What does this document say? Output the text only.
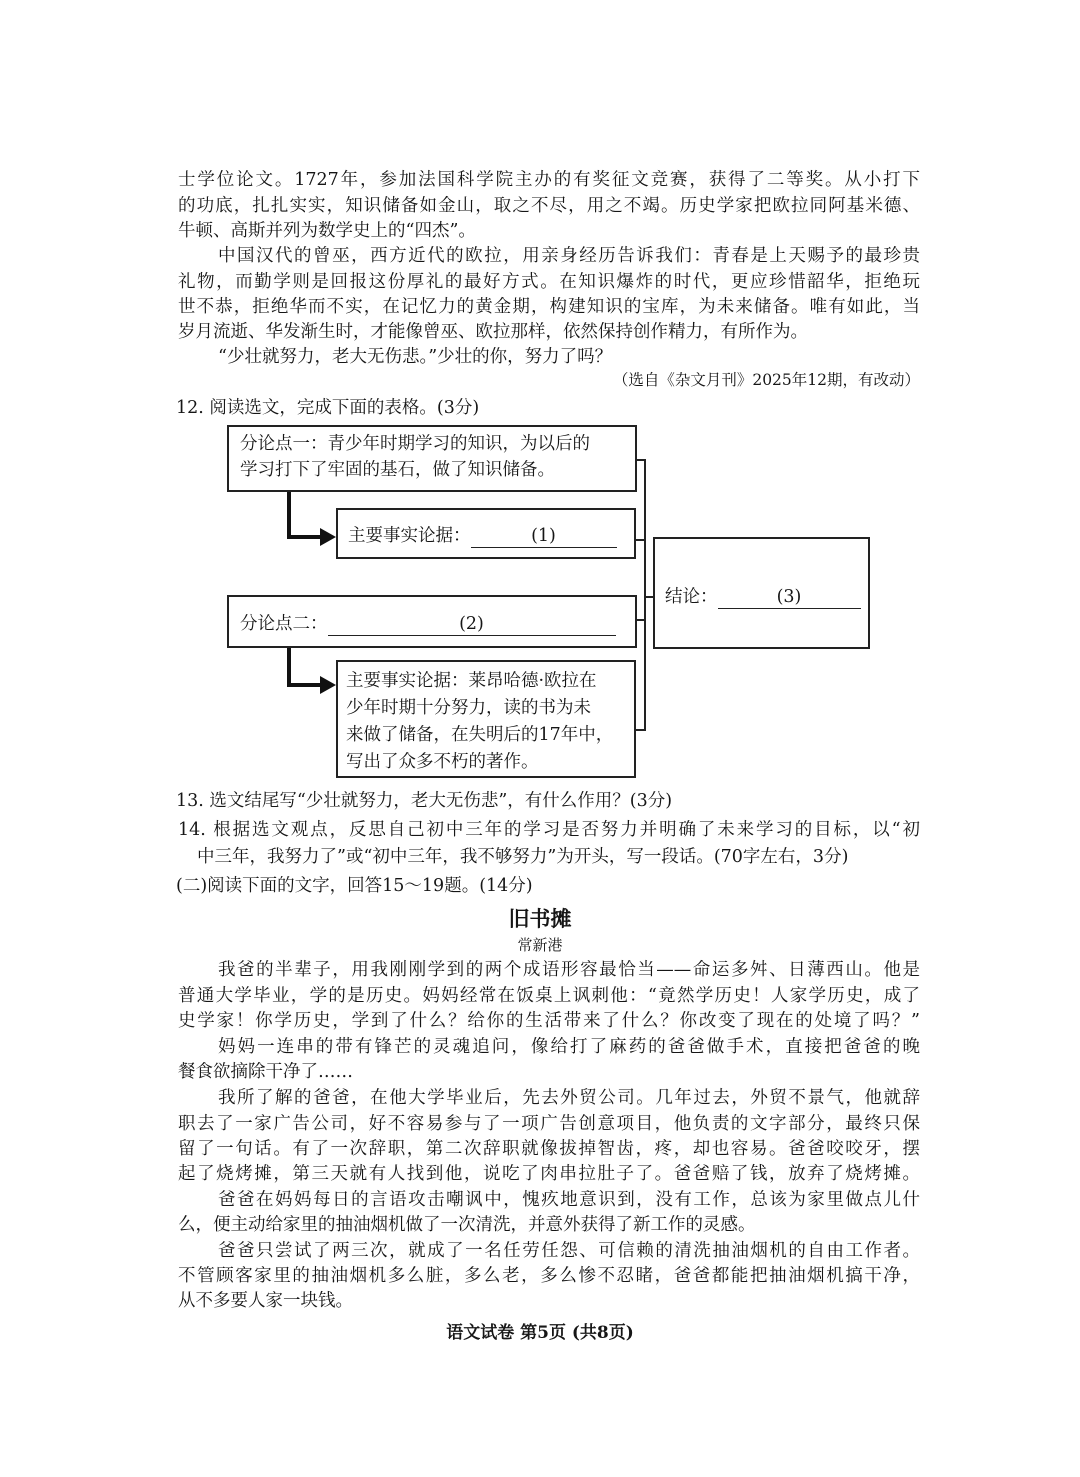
士学位论文。1727年，参加法国科学院主办的有奖征文竞赛，获得了二等奖。从小打下
的功底，扎扎实实，知识储备如金山，取之不尽，用之不竭。历史学家把欧拉同阿基米德、
牛顿、高斯并列为数学史上的“四杰”。
中国汉代的曾巫，西方近代的欧拉，用亲身经历告诉我们：青春是上天赐予的最珍贵
礼物，而勤学则是回报这份厚礼的最好方式。在知识爆炸的时代，更应珍惜韶华，拒绝玩
世不恭，拒绝华而不实，在记忆力的黄金期，构建知识的宝库，为未来储备。唯有如此，当
岁月流逝、华发渐生时，才能像曾巫、欧拉那样，依然保持创作精力，有所作为。
“少壮就努力，老大无伤悲。”少壮的你，努力了吗？
（选自《杂文月刊》2025年12期，有改动）
12. 阅读选文，完成下面的表格。(3分)
分论点一：青少年时期学习的知识，为以后的
学习打下了牢固的基石，做了知识储备。
主要事实论据：	(1)
分论点二：	(2)
主要事实论据：莱昂哈德·欧拉在
少年时期十分努力，读的书为未
来做了储备，在失明后的17年中，
写出了众多不朽的著作。
结论：	(3)
13. 选文结尾写“少壮就努力，老大无伤悲”，有什么作用？(3分)
14. 根据选文观点，反思自己初中三年的学习是否努力并明确了未来学习的目标，以“初
中三年，我努力了”或“初中三年，我不够努力”为开头，写一段话。(70字左右，3分)
(二)阅读下面的文字，回答15～19题。(14分)
旧书摊
常新港
我爸的半辈子，用我刚刚学到的两个成语形容最恰当——命运多舛、日薄西山。他是
普通大学毕业，学的是历史。妈妈经常在饭桌上讽刺他：“竟然学历史！人家学历史，成了
史学家！你学历史，学到了什么？给你的生活带来了什么？你改变了现在的处境了吗？”
妈妈一连串的带有锋芒的灵魂追问，像给打了麻药的爸爸做手术，直接把爸爸的晚
餐食欲摘除干净了……
我所了解的爸爸，在他大学毕业后，先去外贸公司。几年过去，外贸不景气，他就辞
职去了一家广告公司，好不容易参与了一项广告创意项目，他负责的文字部分，最终只保
留了一句话。有了一次辞职，第二次辞职就像拔掉智齿，疼，却也容易。爸爸咬咬牙，摆
起了烧烤摊，第三天就有人找到他，说吃了肉串拉肚子了。爸爸赔了钱，放弃了烧烤摊。
爸爸在妈妈每日的言语攻击嘲讽中，愧疚地意识到，没有工作，总该为家里做点儿什
么，便主动给家里的抽油烟机做了一次清洗，并意外获得了新工作的灵感。
爸爸只尝试了两三次，就成了一名任劳任怨、可信赖的清洗抽油烟机的自由工作者。
不管顾客家里的抽油烟机多么脏，多么老，多么惨不忍睹，爸爸都能把抽油烟机搞干净，
从不多要人家一块钱。
语文试卷 第5页 (共8页)
